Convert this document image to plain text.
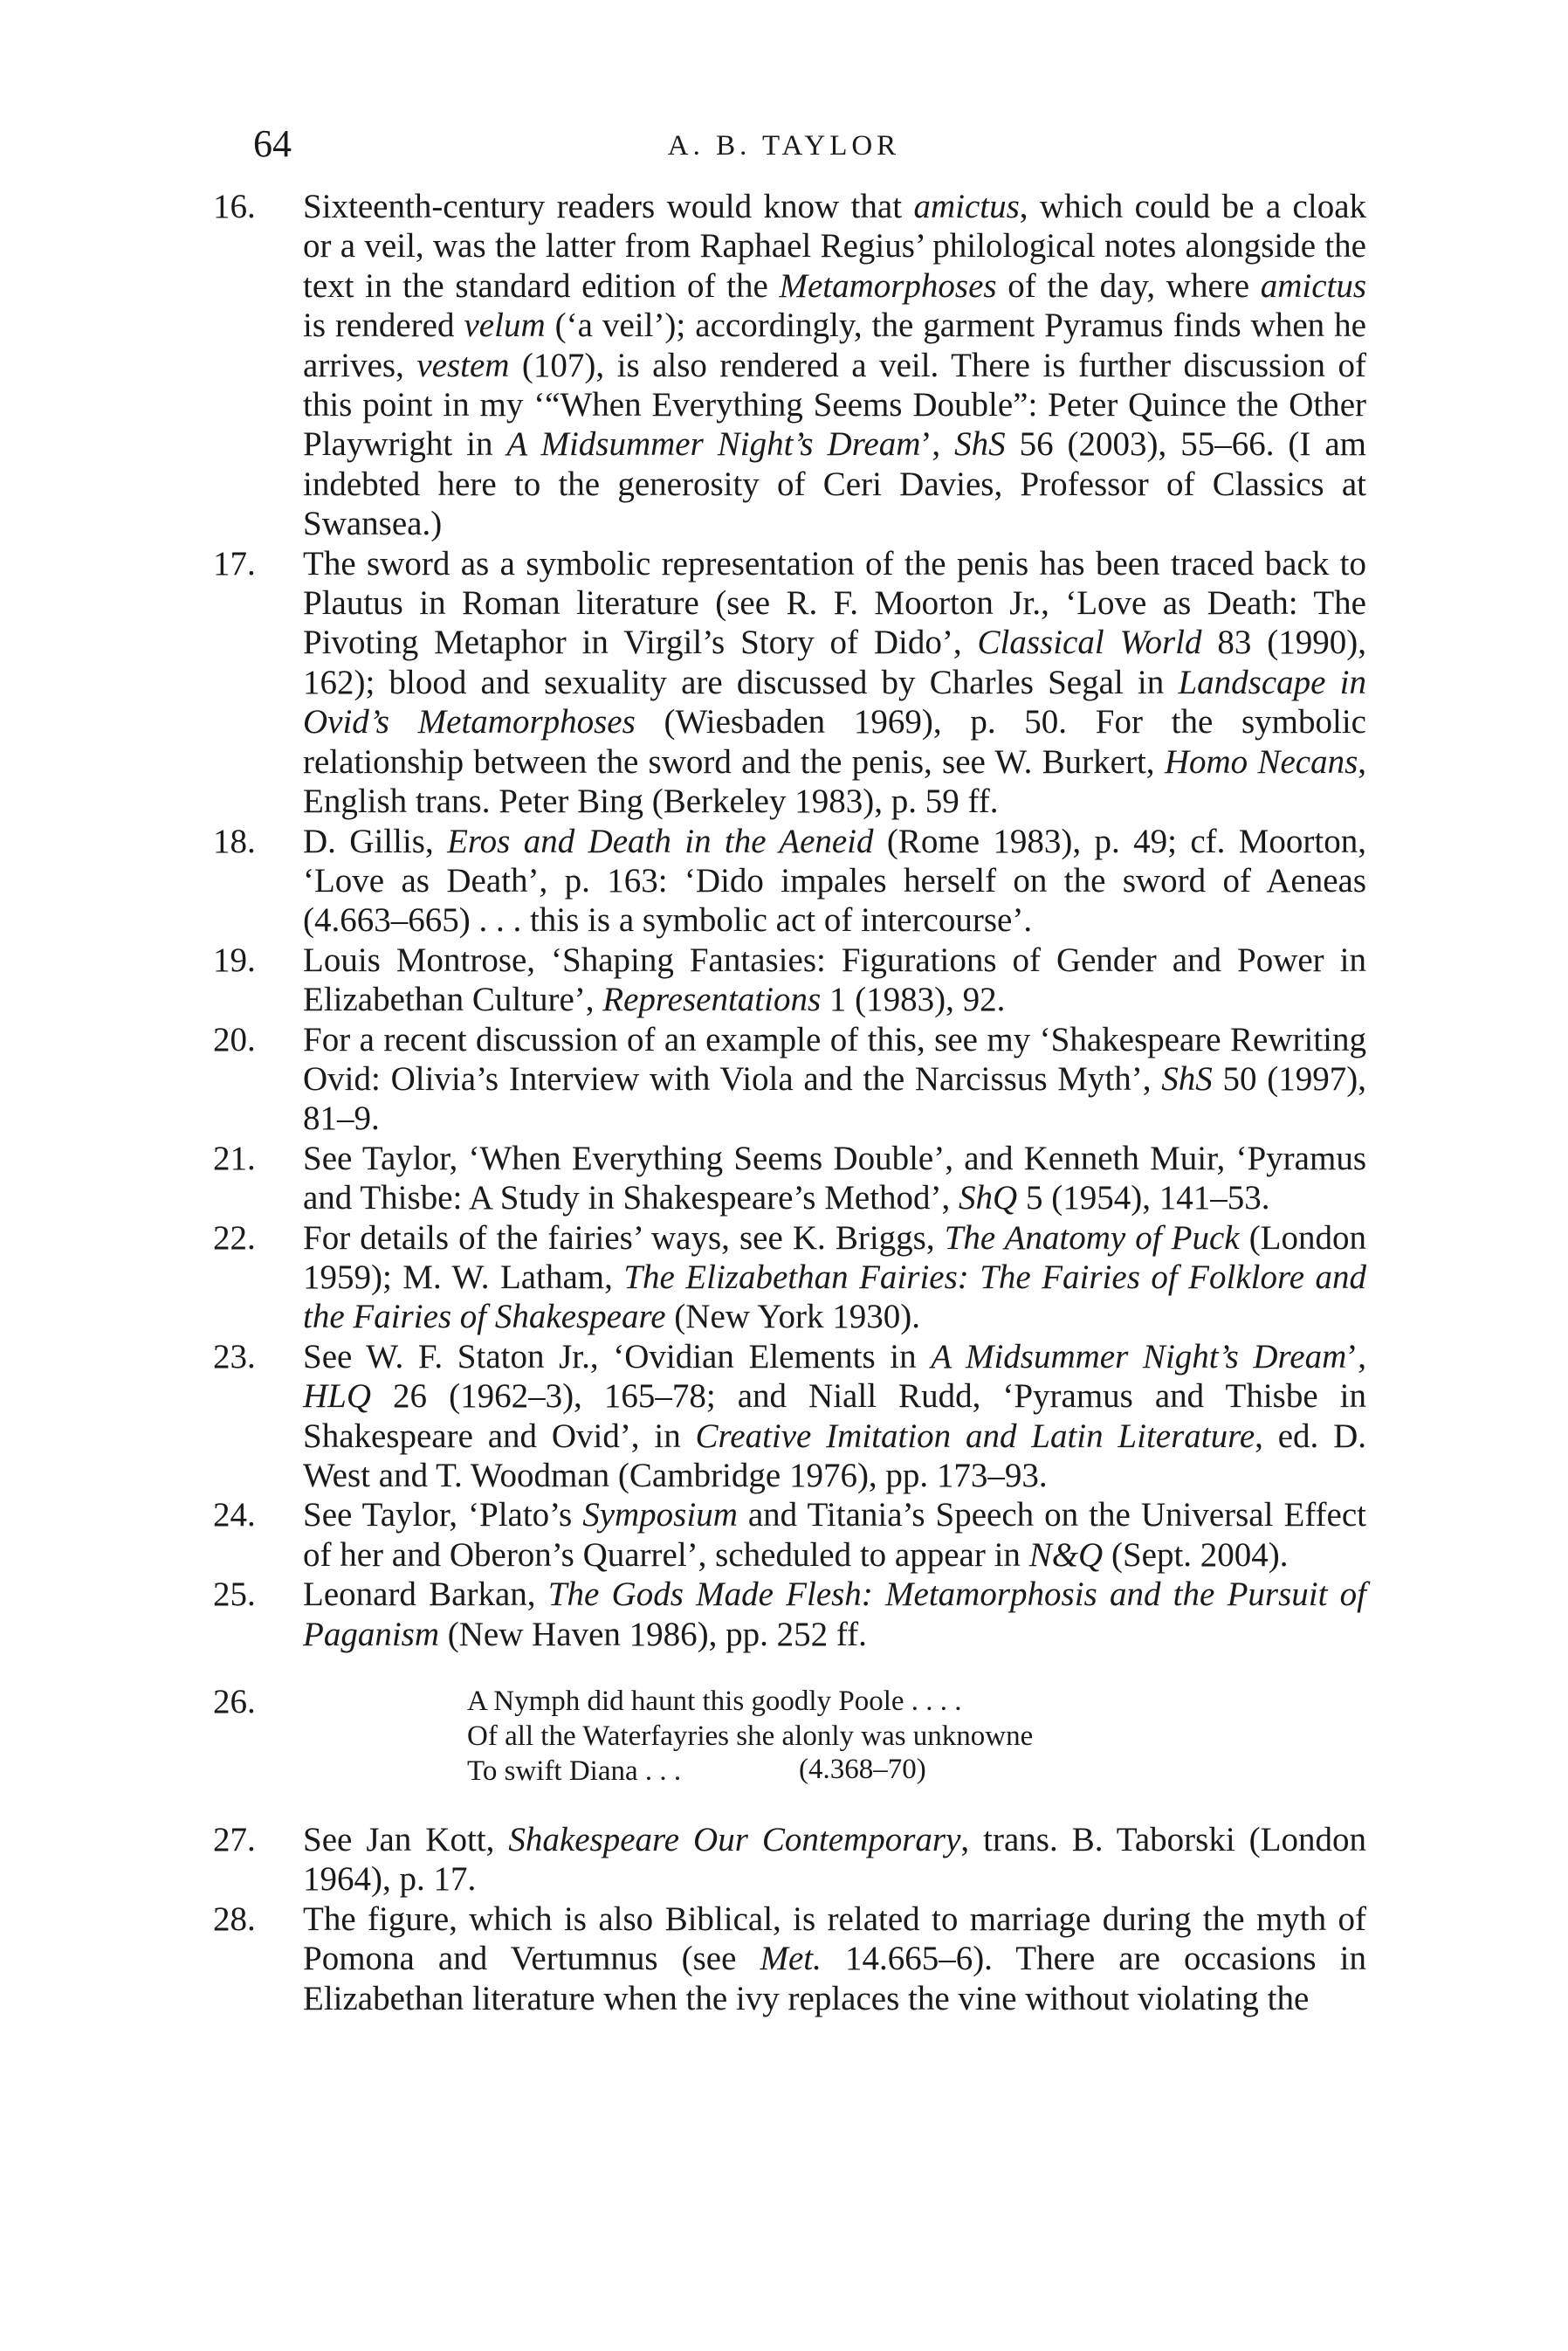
64	A. B. TAYLOR

16. Sixteenth-century readers would know that amictus, which could be a cloak or a veil, was the latter from Raphael Regius’ philological notes alongside the text in the standard edition of the Metamorphoses of the day, where amictus is rendered velum (‘a veil’); accordingly, the garment Pyramus finds when he arrives, vestem (107), is also rendered a veil. There is further discussion of this point in my ‘“When Everything Seems Double”: Peter Quince the Other Playwright in A Midsummer Night’s Dream’, ShS 56 (2003), 55–66. (I am indebted here to the generosity of Ceri Davies, Professor of Classics at Swansea.)

17. The sword as a symbolic representation of the penis has been traced back to Plautus in Roman literature (see R. F. Moorton Jr., ‘Love as Death: The Pivoting Metaphor in Virgil’s Story of Dido’, Classical World 83 (1990), 162); blood and sexuality are discussed by Charles Segal in Landscape in Ovid’s Metamorphoses (Wiesbaden 1969), p. 50. For the symbolic relationship between the sword and the penis, see W. Burkert, Homo Necans, English trans. Peter Bing (Berkeley 1983), p. 59 ff.

18. D. Gillis, Eros and Death in the Aeneid (Rome 1983), p. 49; cf. Moorton, ‘Love as Death’, p. 163: ‘Dido impales herself on the sword of Aeneas (4.663–665) . . . this is a symbolic act of intercourse’.

19. Louis Montrose, ‘Shaping Fantasies: Figurations of Gender and Power in Elizabethan Culture’, Representations 1 (1983), 92.

20. For a recent discussion of an example of this, see my ‘Shakespeare Rewriting Ovid: Olivia’s Interview with Viola and the Narcissus Myth’, ShS 50 (1997), 81–9.

21. See Taylor, ‘When Everything Seems Double’, and Kenneth Muir, ‘Pyramus and Thisbe: A Study in Shakespeare’s Method’, ShQ 5 (1954), 141–53.

22. For details of the fairies’ ways, see K. Briggs, The Anatomy of Puck (London 1959); M. W. Latham, The Elizabethan Fairies: The Fairies of Folklore and the Fairies of Shakespeare (New York 1930).

23. See W. F. Staton Jr., ‘Ovidian Elements in A Midsummer Night’s Dream’, HLQ 26 (1962–3), 165–78; and Niall Rudd, ‘Pyramus and Thisbe in Shakespeare and Ovid’, in Creative Imitation and Latin Literature, ed. D. West and T. Woodman (Cambridge 1976), pp. 173–93.

24. See Taylor, ‘Plato’s Symposium and Titania’s Speech on the Universal Effect of her and Oberon’s Quarrel’, scheduled to appear in N&Q (Sept. 2004).

25. Leonard Barkan, The Gods Made Flesh: Metamorphosis and the Pursuit of Paganism (New Haven 1986), pp. 252 ff.

26.	A Nymph did haunt this goodly Poole . . . .
Of all the Waterfayries she alonly was unknowne
To swift Diana . . .	(4.368–70)

27. See Jan Kott, Shakespeare Our Contemporary, trans. B. Taborski (London 1964), p. 17.

28. The figure, which is also Biblical, is related to marriage during the myth of Pomona and Vertumnus (see Met. 14.665–6). There are occasions in Elizabethan literature when the ivy replaces the vine without violating the
